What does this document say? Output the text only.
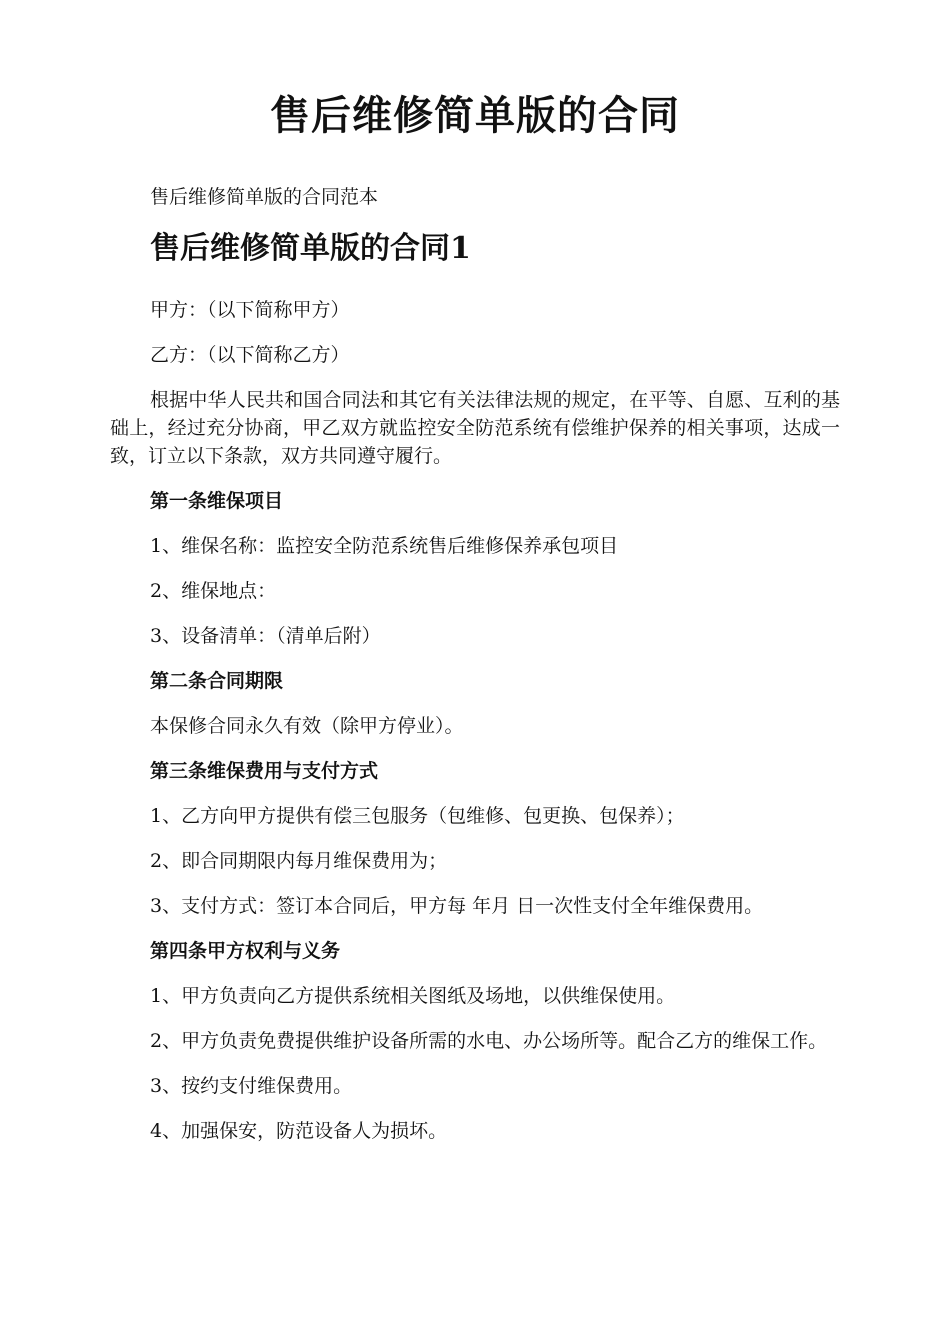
售后维修简单版的合同
售后维修简单版的合同范本
售后维修简单版的合同1

甲方：（以下简称甲方）

乙方：（以下简称乙方）

根据中华人民共和国合同法和其它有关法律法规的规定，在平等、自愿、互利的基础上，经过充分协商，甲乙双方就监控安全防范系统有偿维护保养的相关事项，达成一致，订立以下条款，双方共同遵守履行。

第一条维保项目

1、维保名称：监控安全防范系统售后维修保养承包项目

2、维保地点：

3、设备清单：（清单后附）

第二条合同期限

本保修合同永久有效（除甲方停业）。

第三条维保费用与支付方式

1、乙方向甲方提供有偿三包服务（包维修、包更换、包保养）；

2、即合同期限内每月维保费用为；

3、支付方式：签订本合同后，甲方每 年月 日一次性支付全年维保费用。

第四条甲方权利与义务

1、甲方负责向乙方提供系统相关图纸及场地，以供维保使用。

2、甲方负责免费提供维护设备所需的水电、办公场所等。配合乙方的维保工作。

3、按约支付维保费用。

4、加强保安，防范设备人为损坏。
